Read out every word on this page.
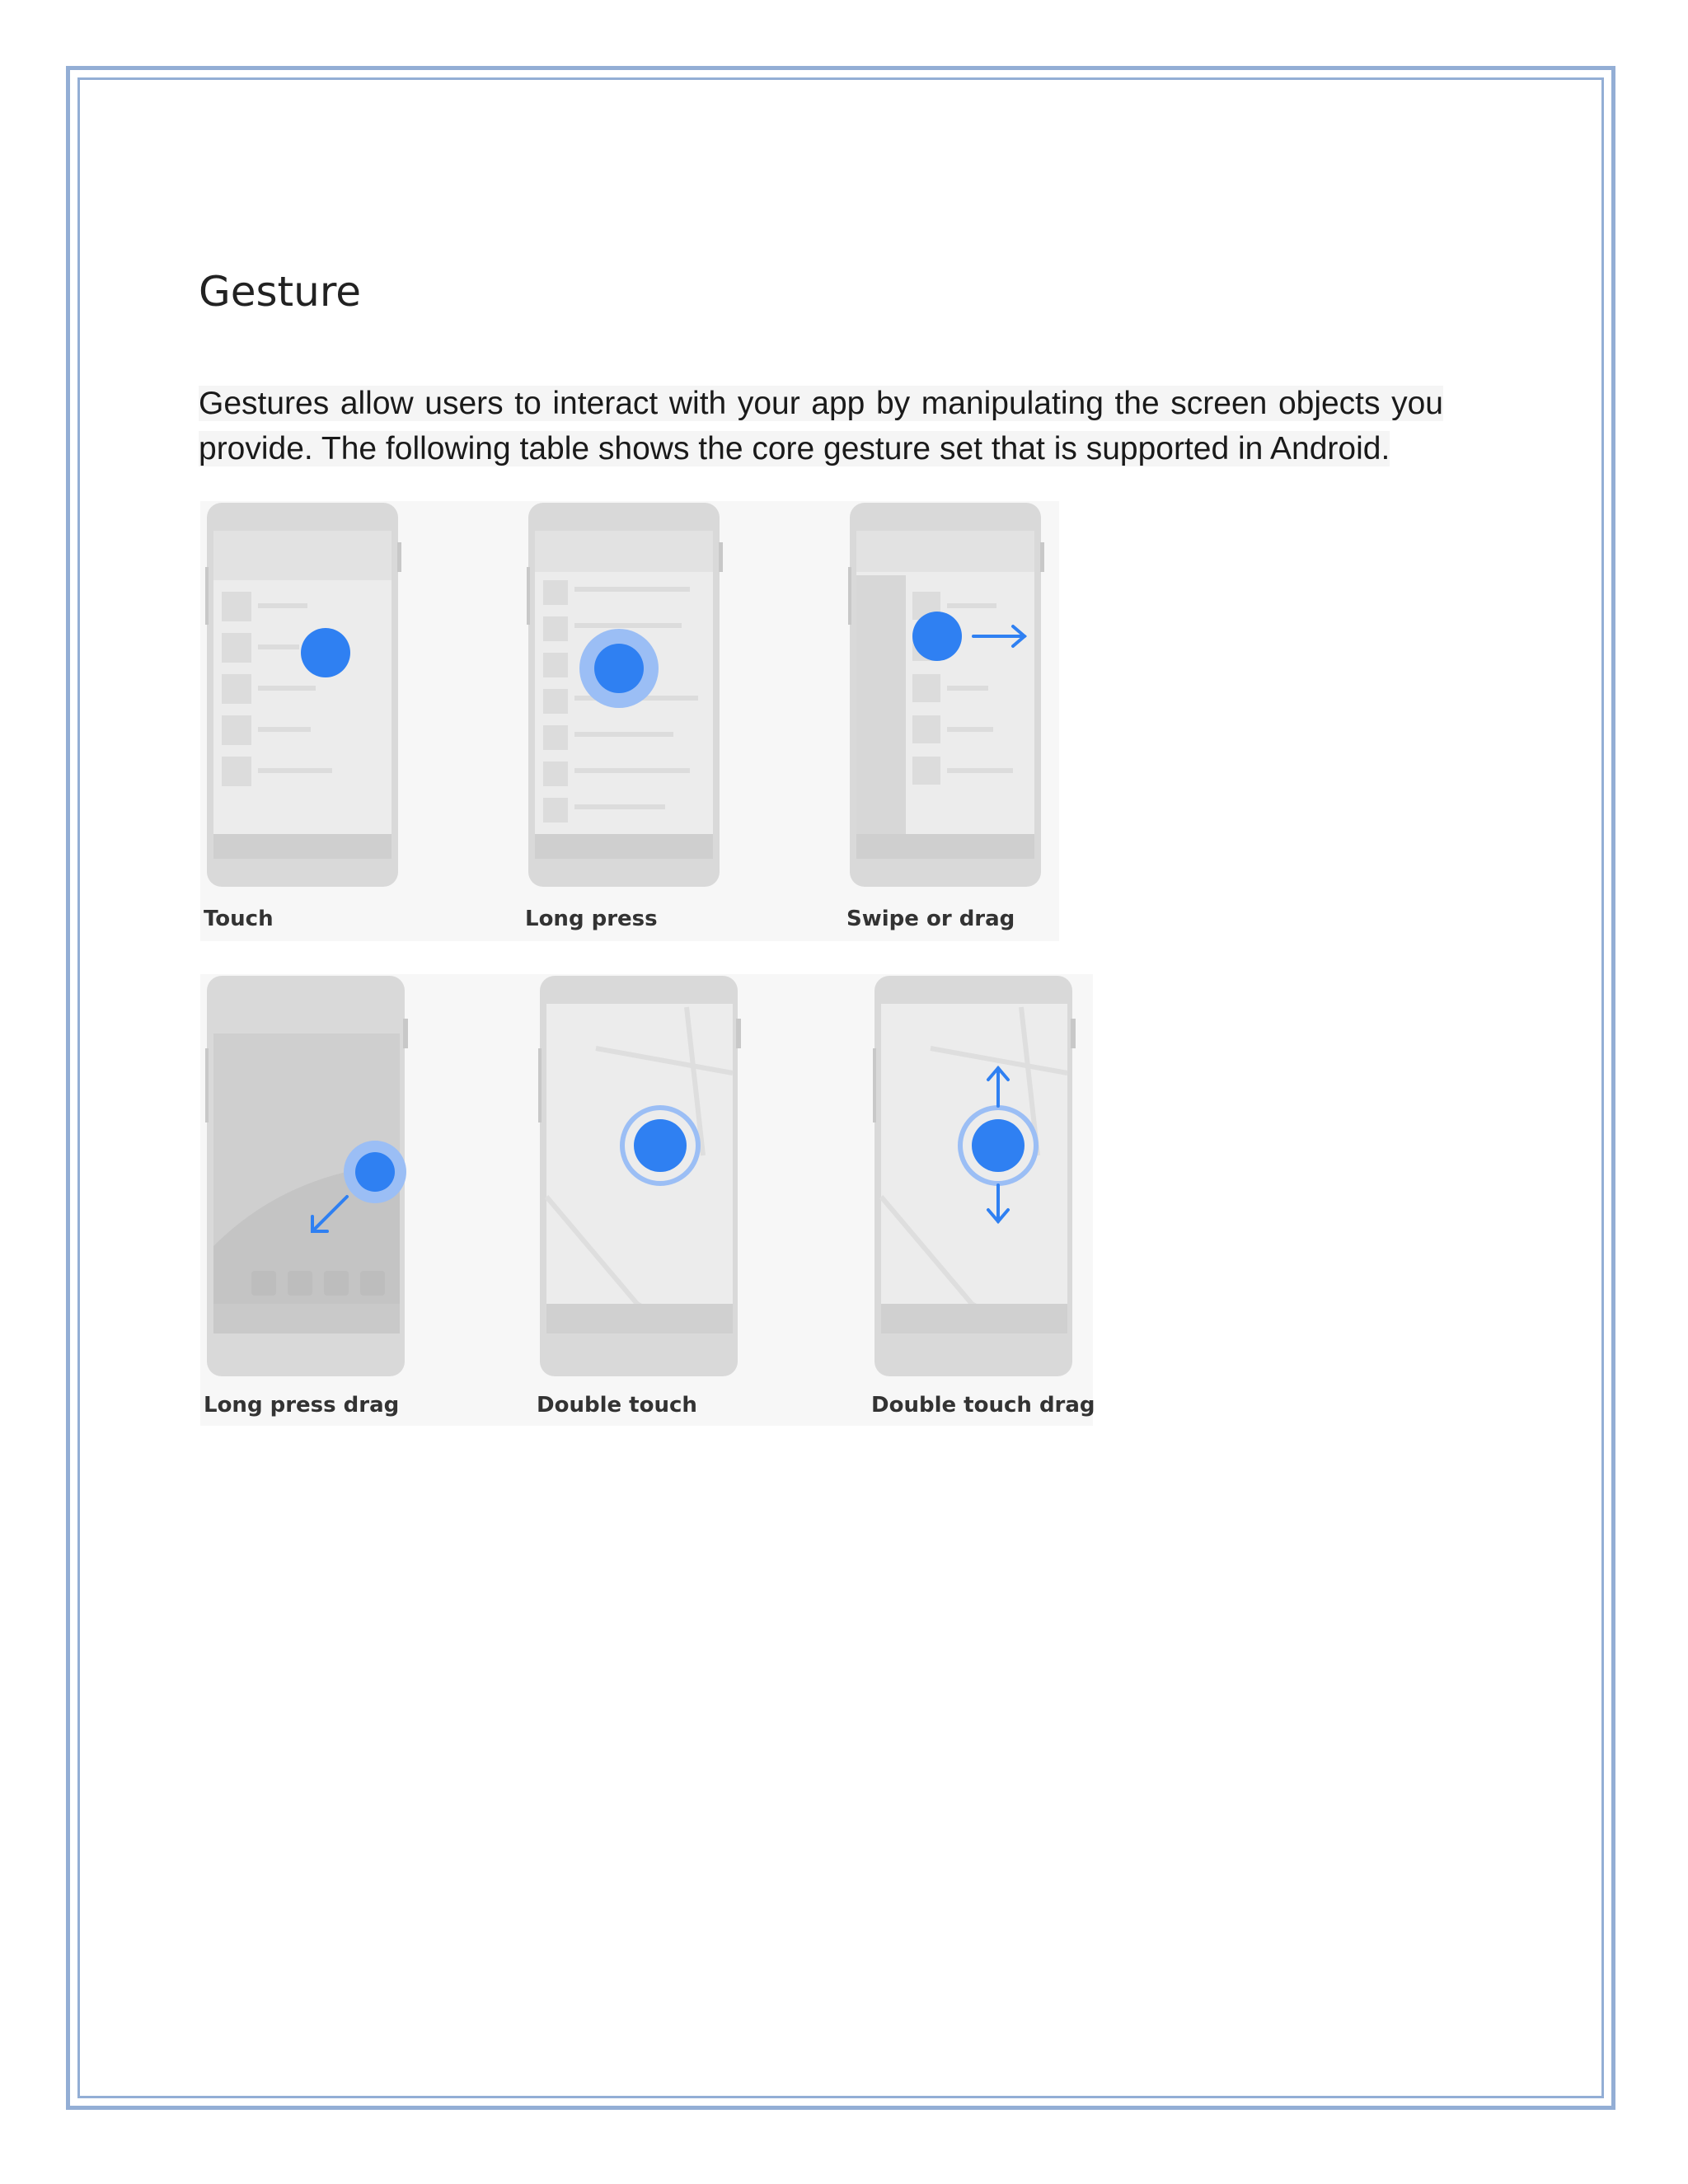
Gesture

Gestures allow users to interact with your app by manipulating the screen objects you provide. The following table shows the core gesture set that is supported in Android.

Touch	Long press	Swipe or drag
Long press drag	Double touch	Double touch drag
